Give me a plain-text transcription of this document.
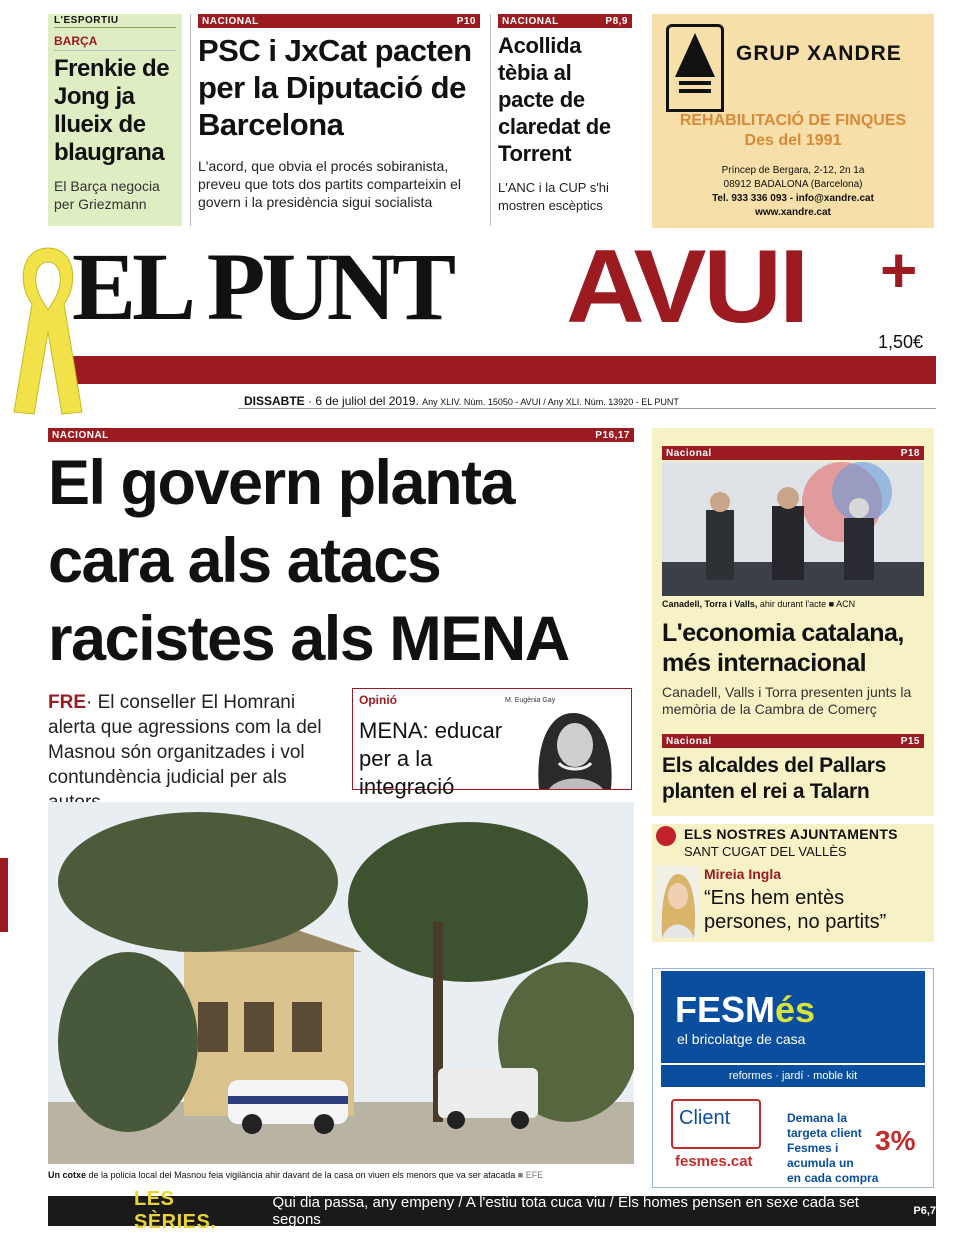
L'ESPORTIU
BARÇA
Frenkie de Jong ja llueix de blaugrana
El Barça negocia per Griezmann
NACIONAL	P10
PSC i JxCat pacten per la Diputació de Barcelona
L'acord, que obvia el procés sobiranista, preveu que tots dos partits comparteixin el govern i la presidència sigui socialista
NACIONAL	P8,9
Acollida tèbia al pacte de claredat de Torrent
L'ANC i la CUP s'hi mostren escèptics
GRUP XANDRE
REHABILITACIÓ DE FINQUES
Des del 1991
Príncep de Bergara, 2-12, 2n 1a
08912 BADALONA (Barcelona)
Tel. 933 336 093 - info@xandre.cat
www.xandre.cat
EL PUNT AVUI +
1,50€
DISSABTE · 6 de juliol del 2019. Any XLIV. Núm. 15050 - AVUI / Any XLI. Núm. 13920 - EL PUNT
NACIONAL	P16,17
El govern planta cara als atacs racistes als MENA
FRE· El conseller El Homrani alerta que agressions com la del Masnou són organitzades i vol contundència judicial per als
Opinió	M. Eugènia Gay
MENA: educar per a la integració
Un cotxe de la policia local del Masnou feia vigilància ahir davant de la casa on viuen els menors que va ser atacada ■ EFE
Nacional	P18
Canadell, Torra i Valls, ahir durant l'acte ■ ACN
L'economia catalana, més internacional
Canadell, Valls i Torra presenten junts la memòria de la Cambra de Comerç
Nacional	P15
Els alcaldes del Pallars planten el rei a Talarn
ELS NOSTRES AJUNTAMENTS
SANT CUGAT DEL VALLÈS
Mireia Ingla
“Ens hem entès persones, no partits”
FESMés
el bricolatge de casa
reformes · jardí · moble kit
Client
fesmes.cat
Demana la targeta client Fesmes i acumula un
en cada compra
3%
LES SÈRIES.
Qui dia passa, any empeny / A l'estiu tota cuca viu / Els homes pensen en sexe cada set segons	P6,7
